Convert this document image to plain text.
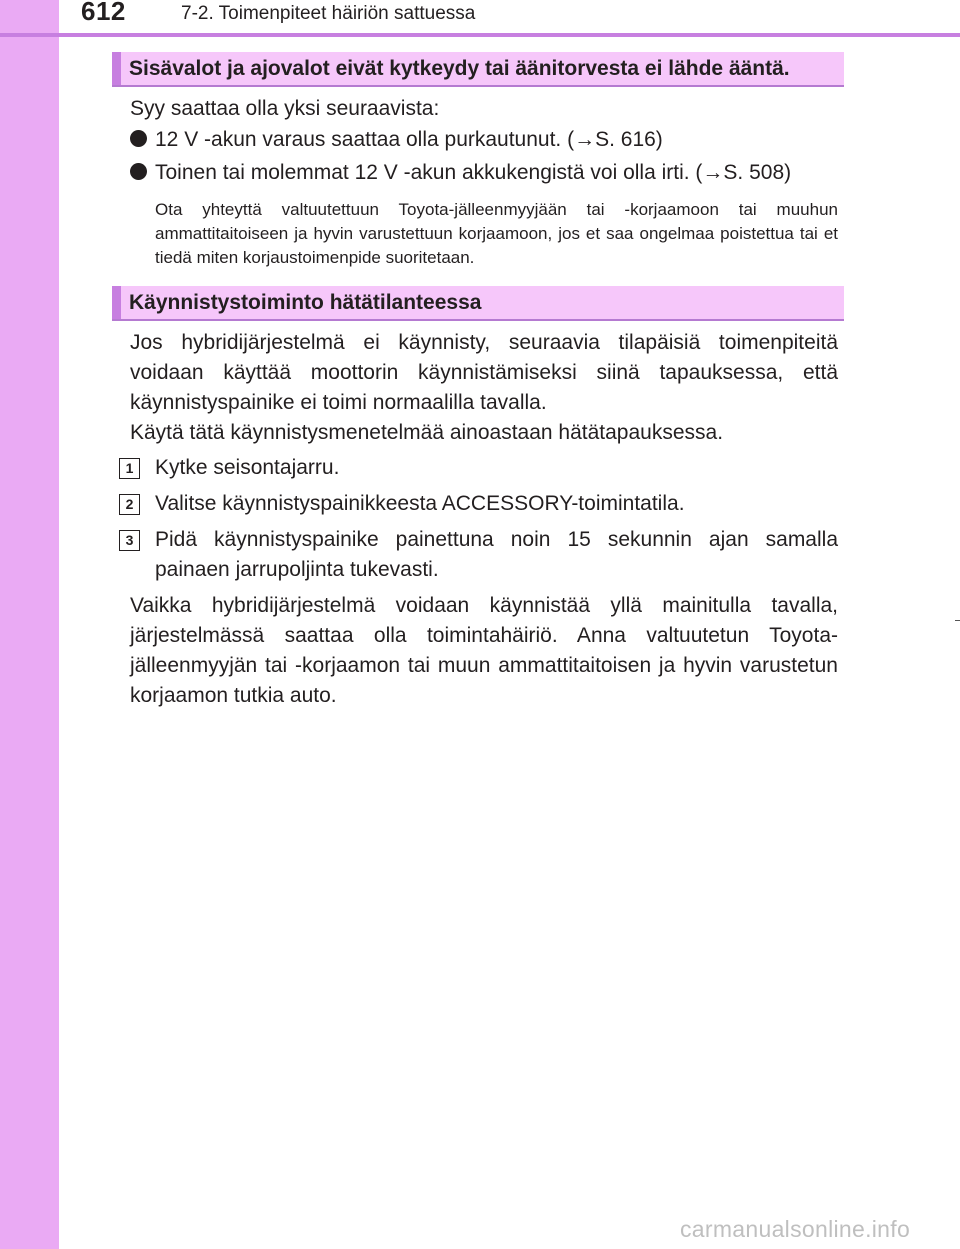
612	7-2. Toimenpiteet häiriön sattuessa
Sisävalot ja ajovalot eivät kytkeydy tai äänitorvesta ei lähde ääntä.
Syy saattaa olla yksi seuraavista:
12 V -akun varaus saattaa olla purkautunut. (→S. 616)
Toinen tai molemmat 12 V -akun akkukengistä voi olla irti. (→S. 508)
Ota yhteyttä valtuutettuun Toyota-jälleenmyyjään tai -korjaamoon tai muuhun ammattitaitoiseen ja hyvin varustettuun korjaamoon, jos et saa ongelmaa poistettua tai et tiedä miten korjaustoimenpide suoritetaan.
Käynnistystoiminto hätätilanteessa
Jos hybridijärjestelmä ei käynnisty, seuraavia tilapäisiä toimenpiteitä voidaan käyttää moottorin käynnistämiseksi siinä tapauksessa, että käynnistyspainike ei toimi normaalilla tavalla.
Käytä tätä käynnistysmenetelmää ainoastaan hätätapauksessa.
1	Kytke seisontajarru.
2	Valitse käynnistyspainikkeesta ACCESSORY-toimintatila.
3	Pidä käynnistyspainike painettuna noin 15 sekunnin ajan samalla painaen jarrupoljinta tukevasti.
Vaikka hybridijärjestelmä voidaan käynnistää yllä mainitulla tavalla, järjestelmässä saattaa olla toimintahäiriö. Anna valtuutetun Toyota-jälleenmyyjän tai -korjaamon tai muun ammattitaitoisen ja hyvin varustetun korjaamon tutkia auto.
carmanualsonline.info
